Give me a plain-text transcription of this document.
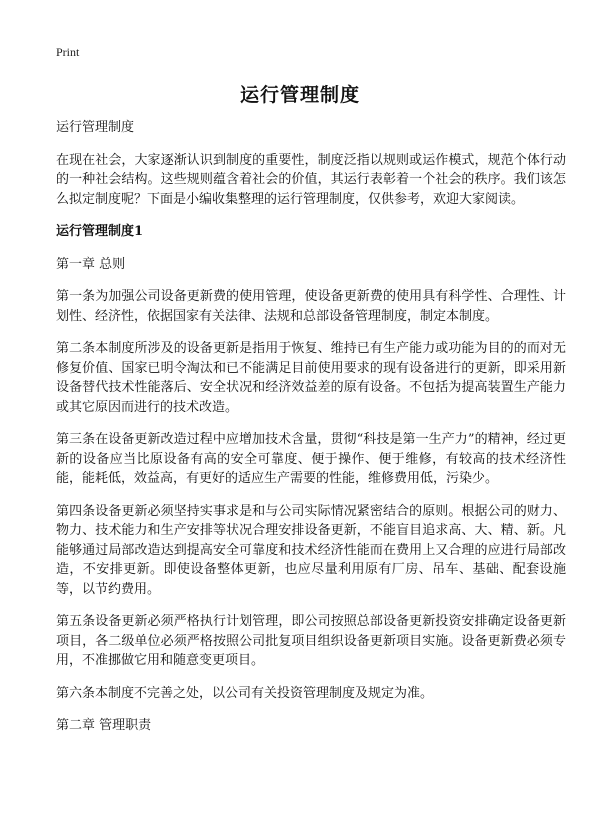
Print
运行管理制度

运行管理制度

在现在社会，大家逐渐认识到制度的重要性，制度泛指以规则或运作模式，规范个体行动的一种社会结构。这些规则蕴含着社会的价值，其运行表彰着一个社会的秩序。我们该怎么拟定制度呢？下面是小编收集整理的运行管理制度，仅供参考，欢迎大家阅读。

运行管理制度1

第一章 总则

第一条为加强公司设备更新费的使用管理，使设备更新费的使用具有科学性、合理性、计划性、经济性，依据国家有关法律、法规和总部设备管理制度，制定本制度。

第二条本制度所涉及的设备更新是指用于恢复、维持已有生产能力或功能为目的的而对无修复价值、国家已明令淘汰和已不能满足目前使用要求的现有设备进行的更新，即采用新设备替代技术性能落后、安全状况和经济效益差的原有设备。不包括为提高装置生产能力或其它原因而进行的技术改造。

第三条在设备更新改造过程中应增加技术含量，贯彻“科技是第一生产力”的精神，经过更新的设备应当比原设备有高的安全可靠度、便于操作、便于维修，有较高的技术经济性能，能耗低，效益高，有更好的适应生产需要的性能，维修费用低，污染少。

第四条设备更新必须坚持实事求是和与公司实际情况紧密结合的原则。根据公司的财力、物力、技术能力和生产安排等状况合理安排设备更新，不能盲目追求高、大、精、新。凡能够通过局部改造达到提高安全可靠度和技术经济性能而在费用上又合理的应进行局部改造，不安排更新。即使设备整体更新，也应尽量利用原有厂房、吊车、基础、配套设施等，以节约费用。

第五条设备更新必须严格执行计划管理，即公司按照总部设备更新投资安排确定设备更新项目，各二级单位必须严格按照公司批复项目组织设备更新项目实施。设备更新费必须专用，不准挪做它用和随意变更项目。

第六条本制度不完善之处，以公司有关投资管理制度及规定为准。

第二章 管理职责
